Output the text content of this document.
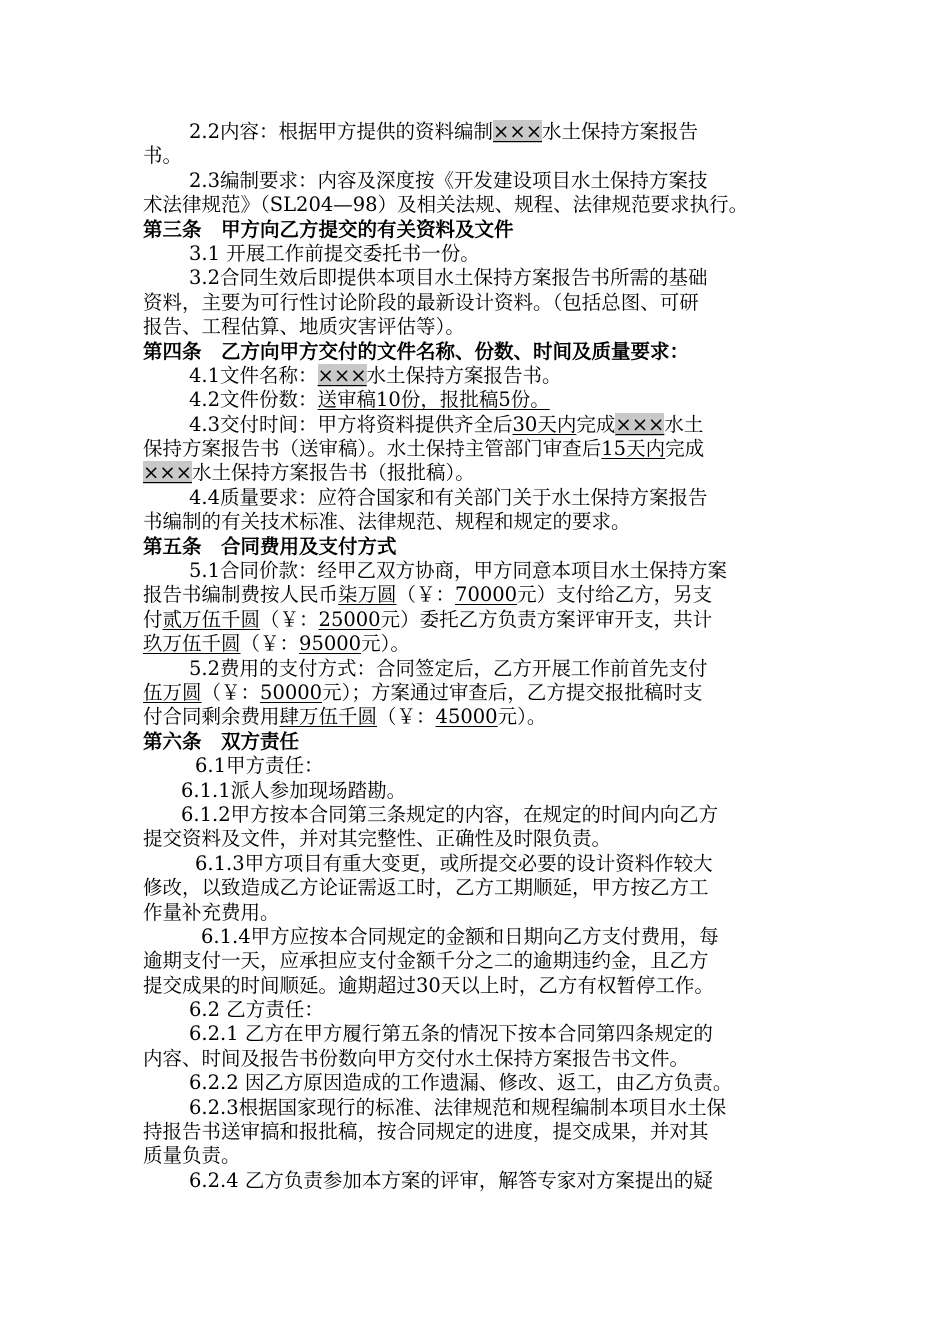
2.2内容：根据甲方提供的资料编制×××水土保持方案报告
书。
2.3编制要求：内容及深度按《开发建设项目水土保持方案技
术法律规范》（SL204—98）及相关法规、规程、法律规范要求执行。
第三条　甲方向乙方提交的有关资料及文件
3.1 开展工作前提交委托书一份。
3.2合同生效后即提供本项目水土保持方案报告书所需的基础
资料，主要为可行性讨论阶段的最新设计资料。（包括总图、可研
报告、工程估算、地质灾害评估等）。
第四条　乙方向甲方交付的文件名称、份数、时间及质量要求：
4.1文件名称：×××水土保持方案报告书。
4.2文件份数：送审稿10份，报批稿5份。
4.3交付时间：甲方将资料提供齐全后30天内完成×××水土
保持方案报告书（送审稿）。水土保持主管部门审查后15天内完成
×××水土保持方案报告书（报批稿）。
4.4质量要求：应符合国家和有关部门关于水土保持方案报告
书编制的有关技术标准、法律规范、规程和规定的要求。
第五条　合同费用及支付方式
5.1合同价款：经甲乙双方协商，甲方同意本项目水土保持方案
报告书编制费按人民币柒万圆（￥：70000元）支付给乙方，另支
付贰万伍千圆（￥：25000元）委托乙方负责方案评审开支，共计
玖万伍千圆（￥：95000元）。
5.2费用的支付方式：合同签定后，乙方开展工作前首先支付
伍万圆（￥：50000元）；方案通过审查后，乙方提交报批稿时支
付合同剩余费用肆万伍千圆（￥：45000元）。
第六条　双方责任
6.1甲方责任：
6.1.1派人参加现场踏勘。
6.1.2甲方按本合同第三条规定的内容，在规定的时间内向乙方
提交资料及文件，并对其完整性、正确性及时限负责。
6.1.3甲方项目有重大变更，或所提交必要的设计资料作较大
修改，以致造成乙方论证需返工时，乙方工期顺延，甲方按乙方工
作量补充费用。
6.1.4甲方应按本合同规定的金额和日期向乙方支付费用，每
逾期支付一天，应承担应支付金额千分之二的逾期违约金，且乙方
提交成果的时间顺延。逾期超过30天以上时，乙方有权暂停工作。
6.2 乙方责任：
6.2.1 乙方在甲方履行第五条的情况下按本合同第四条规定的
内容、时间及报告书份数向甲方交付水土保持方案报告书文件。
6.2.2 因乙方原因造成的工作遗漏、修改、返工，由乙方负责。
6.2.3根据国家现行的标准、法律规范和规程编制本项目水土保
持报告书送审搞和报批稿，按合同规定的进度，提交成果，并对其
质量负责。
6.2.4 乙方负责参加本方案的评审，解答专家对方案提出的疑
